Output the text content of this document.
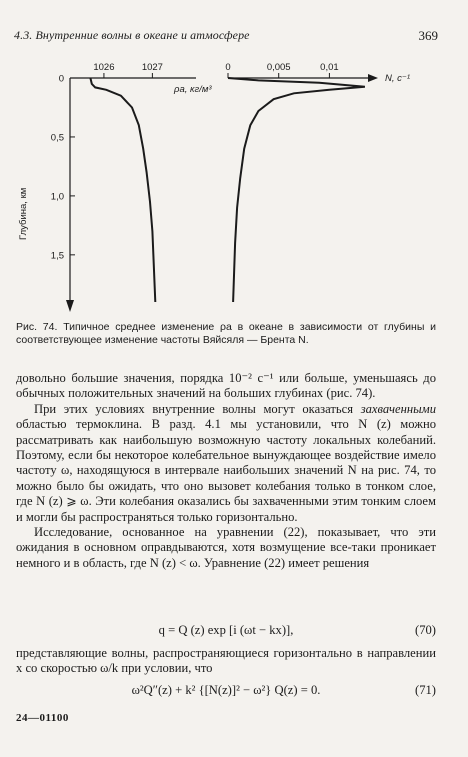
4.3. Внутренние волны в океане и атмосфере	369
1026	1027
0
0,5
1,0
1,5
ρa, кг/м³
Глубина, км
0	0,005	0,01
N, с⁻¹
Рис. 74. Типичное среднее изменение ρa в океане в зависимости от глубины и соответствующее изменение частоты Вяйсяля — Брента N.

довольно большие значения, порядка 10⁻² с⁻¹ или больше, уменьшаясь до обычных положительных значений на больших глубинах (рис. 74).

При этих условиях внутренние волны могут оказаться захваченными областью термоклина. В разд. 4.1 мы установили, что N (z) можно рассматривать как наибольшую возможную частоту локальных колебаний. Поэтому, если бы некоторое колебательное вынуждающее воздействие имело частоту ω, находящуюся в интервале наибольших значений N на рис. 74, то можно было бы ожидать, что оно вызовет колебания только в тонком слое, где N (z) ⩾ ω. Эти колебания оказались бы захваченными этим тонким слоем и могли бы распространяться только горизонтально.

Исследование, основанное на уравнении (22), показывает, что эти ожидания в основном оправдываются, хотя возмущение все-таки проникает немного и в область, где N (z) < ω. Уравнение (22) имеет решения

q = Q (z) exp [i (ωt − kx)],	(70)

представляющие волны, распространяющиеся горизонтально в направлении x со скоростью ω/k при условии, что

ω²Q″(z) + k² {[N(z)]² − ω²} Q(z) = 0.	(71)
24—01100
